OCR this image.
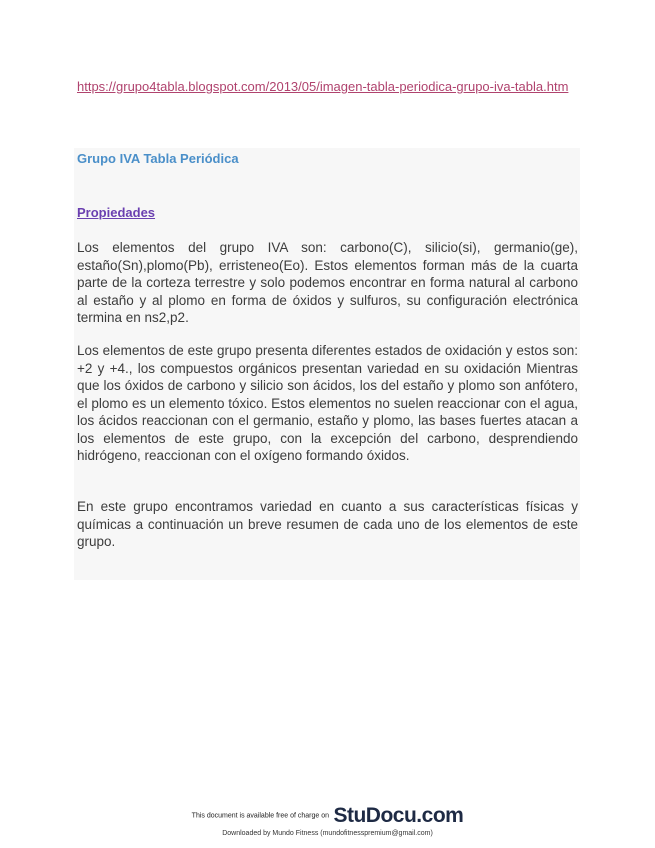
https://grupo4tabla.blogspot.com/2013/05/imagen-tabla-periodica-grupo-iva-tabla.htm
Grupo IVA Tabla Periódica
Propiedades

Los elementos del grupo IVA son: carbono(C), silicio(si), germanio(ge), estaño(Sn),plomo(Pb), erristeneo(Eo). Estos elementos forman más de la cuarta parte de la corteza terrestre y solo podemos encontrar en forma natural al carbono al estaño y al plomo en forma de óxidos y sulfuros, su configuración electrónica termina en ns2,p2.

Los elementos de este grupo presenta diferentes estados de oxidación y estos son: +2 y +4., los compuestos orgánicos presentan variedad en su oxidación Mientras que los óxidos de carbono y silicio son ácidos, los del estaño y plomo son anfótero, el plomo es un elemento tóxico. Estos elementos no suelen reaccionar con el agua, los ácidos reaccionan con el germanio, estaño y plomo, las bases fuertes atacan a los elementos de este grupo, con la excepción del carbono, desprendiendo hidrógeno, reaccionan con el oxígeno formando óxidos.

En este grupo encontramos variedad en cuanto a sus características físicas y químicas a continuación un breve resumen de cada uno de los elementos de este grupo.

This document is available free of charge on StuDocu.com
Downloaded by Mundo Fitness (mundofitnesspremium@gmail.com)
